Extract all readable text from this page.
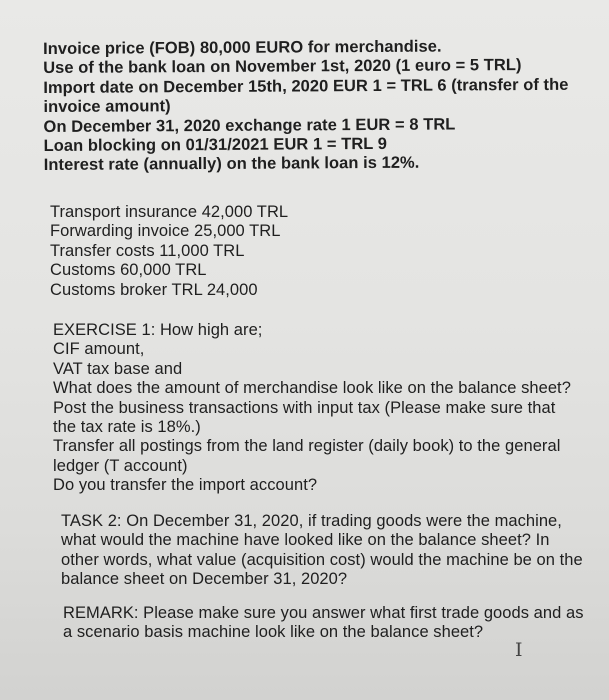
Invoice price (FOB) 80,000 EURO for merchandise.
Use of the bank loan on November 1st, 2020 (1 euro = 5 TRL)
Import date on December 15th, 2020 EUR 1 = TRL 6 (transfer of the
invoice amount)
On December 31, 2020 exchange rate 1 EUR = 8 TRL
Loan blocking on 01/31/2021 EUR 1 = TRL 9
Interest rate (annually) on the bank loan is 12%.
Transport insurance 42,000 TRL
Forwarding invoice 25,000 TRL
Transfer costs 11,000 TRL
Customs 60,000 TRL
Customs broker TRL 24,000
EXERCISE 1: How high are;
CIF amount,
VAT tax base and
What does the amount of merchandise look like on the balance sheet?
Post the business transactions with input tax (Please make sure that
the tax rate is 18%.)
Transfer all postings from the land register (daily book) to the general
ledger (T account)
Do you transfer the import account?
TASK 2: On December 31, 2020, if trading goods were the machine,
what would the machine have looked like on the balance sheet? In
other words, what value (acquisition cost) would the machine be on the
balance sheet on December 31, 2020?
REMARK: Please make sure you answer what first trade goods and as
a scenario basis machine look like on the balance sheet?
I
